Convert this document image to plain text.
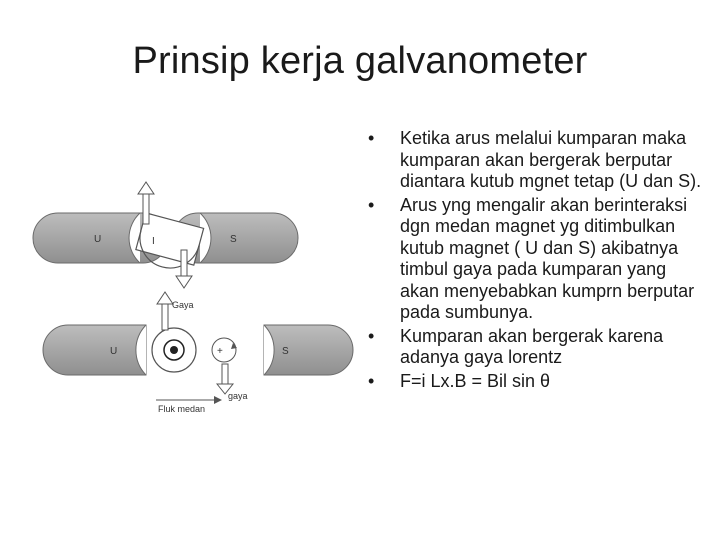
Prinsip kerja galvanometer
U	S
I
+
U	S
Gaya
gaya
Fluk medan
• Ketika arus melalui kumparan maka kumparan akan bergerak berputar diantara kutub mgnet tetap (U dan S).
• Arus yng mengalir akan berinteraksi dgn medan magnet yg ditimbulkan kutub magnet ( U dan S) akibatnya timbul gaya pada kumparan yang akan menyebabkan kumprn berputar pada sumbunya.
• Kumparan akan bergerak karena adanya gaya lorentz
• F=i Lx.B = Bil sin θ
